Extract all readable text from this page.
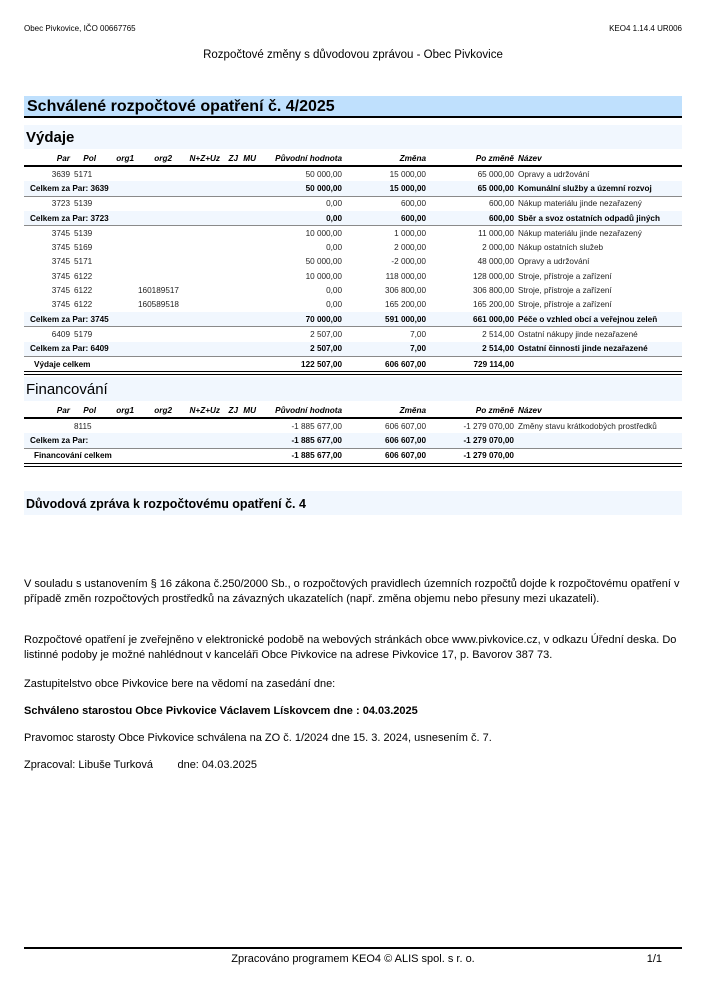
Obec Pivkovice, IČO 00667765	KEO4 1.14.4 UR006
Rozpočtové změny s důvodovou zprávou - Obec Pivkovice
Schválené rozpočtové opatření č. 4/2025
Výdaje
Par	Pol	org1	org2	N+Z+Uz	ZJ	MU	Původní hodnota	Změna	Po změně	Název
3639	5171						50 000,00	15 000,00	65 000,00	Opravy a udržování
Celkem za Par: 3639							50 000,00	15 000,00	65 000,00	Komunální služby a územní rozvoj
3723	5139						0,00	600,00	600,00	Nákup materiálu jinde nezařazený
Celkem za Par: 3723							0,00	600,00	600,00	Sběr a svoz ostatních odpadů jiných
3745	5139						10 000,00	1 000,00	11 000,00	Nákup materiálu jinde nezařazený
3745	5169						0,00	2 000,00	2 000,00	Nákup ostatních služeb
3745	5171						50 000,00	-2 000,00	48 000,00	Opravy a udržování
3745	6122						10 000,00	118 000,00	128 000,00	Stroje, přístroje a zařízení
3745	6122		160189517				0,00	306 800,00	306 800,00	Stroje, přístroje a zařízení
3745	6122		160589518				0,00	165 200,00	165 200,00	Stroje, přístroje a zařízení
Celkem za Par: 3745							70 000,00	591 000,00	661 000,00	Péče o vzhled obcí a veřejnou zeleň
6409	5179						2 507,00	7,00	2 514,00	Ostatní nákupy jinde nezařazené
Celkem za Par: 6409							2 507,00	7,00	2 514,00	Ostatní činnosti jinde nezařazené
Výdaje celkem							122 507,00	606 607,00	729 114,00	
Financování
Par	Pol	org1	org2	N+Z+Uz	ZJ	MU	Původní hodnota	Změna	Po změně	Název
	8115						-1 885 677,00	606 607,00	-1 279 070,00	Změny stavu krátkodobých prostředků
Celkem za Par:							-1 885 677,00	606 607,00	-1 279 070,00	
Financování celkem							-1 885 677,00	606 607,00	-1 279 070,00	
Důvodová zpráva k rozpočtovému opatření č. 4
V souladu s ustanovením § 16 zákona č.250/2000 Sb., o rozpočtových pravidlech územních rozpočtů dojde k rozpočtovému opatření v případě změn rozpočtových prostředků na závazných ukazatelích (např. změna objemu nebo přesuny mezi ukazateli).
Rozpočtové opatření je zveřejněno v elektronické podobě na webových stránkách obce www.pivkovice.cz, v odkazu Úřední deska. Do listinné podoby je možné nahlédnout v kanceláři Obce Pivkovice na adrese Pivkovice 17, p. Bavorov 387 73.
Zastupitelstvo obce Pivkovice bere na vědomí na zasedání dne:
Schváleno starostou Obce Pivkovice Václavem Lískovcem dne : 04.03.2025
Pravomoc starosty Obce Pivkovice schválena na ZO č. 1/2024 dne 15. 3. 2024, usnesením č. 7.
Zpracoval: Libuše Turková        dne: 04.03.2025
Zpracováno programem KEO4 © ALIS spol. s r. o.	1/1
